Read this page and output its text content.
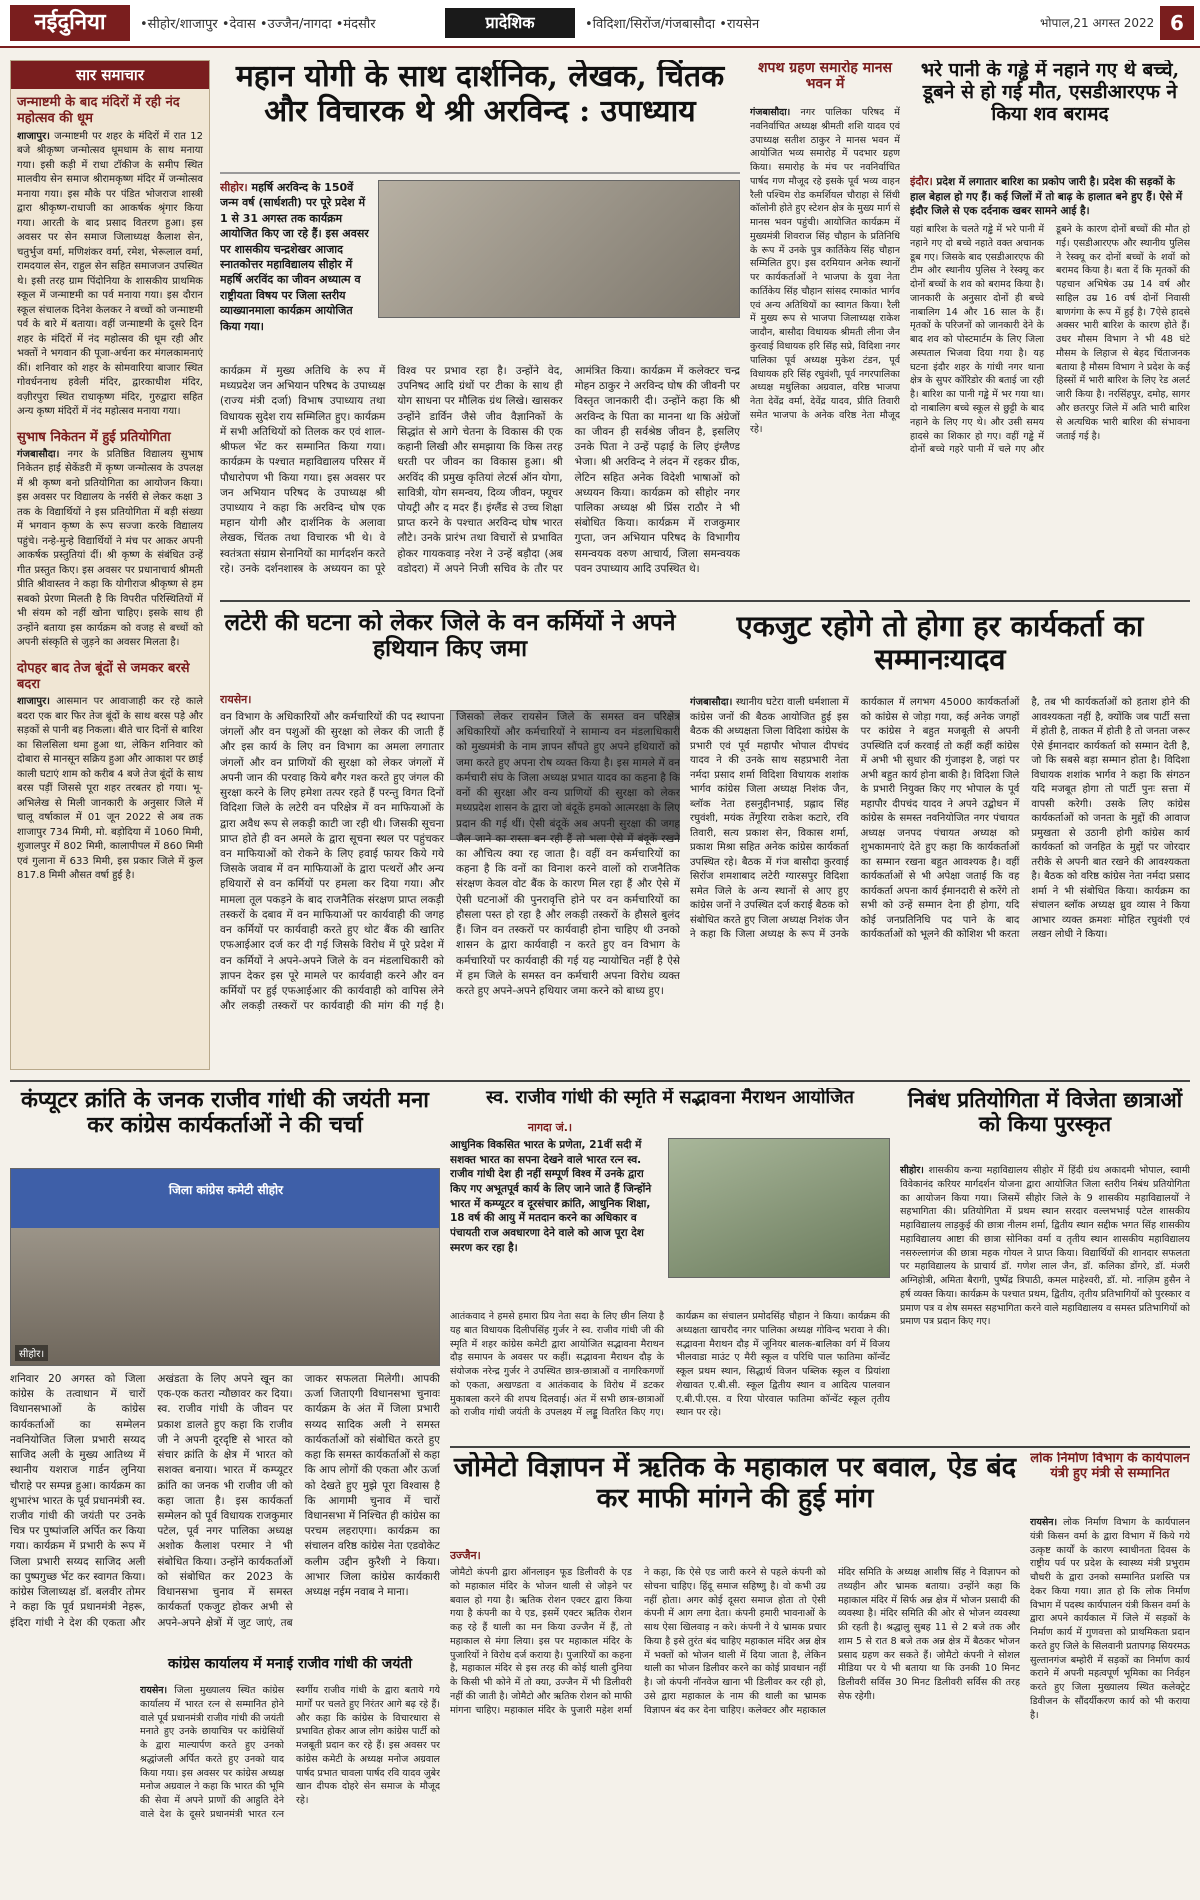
नईदुनिया	•सीहोर/शाजापुर •देवास •उज्जैन/नागदा •मंदसौर	प्रादेशिक	•विदिशा/सिरोंज/गंजबासौदा •रायसेन	भोपाल,21 अगस्त 2022 6
सार समाचार
जन्माष्टमी के बाद मंदिरों में रही नंद महोत्सव की धूम
शाजापुर। जन्माष्टमी पर शहर के मंदिरों में रात 12 बजे श्रीकृष्ण जन्मोत्सव धूमधाम के साथ मनाया गया। इसी कड़ी में राधा टॉकीज के समीप स्थित मालवीय सेन समाज श्रीरामकृष्ण मंदिर में जन्मोत्सव मनाया गया। इस मौके पर पंडित भोजराज शास्त्री द्वारा श्रीकृष्ण-राधाजी का आकर्षक श्रृंगार किया गया। आरती के बाद प्रसाद वितरण हुआ। इस अवसर पर सेन समाज जिलाध्यक्ष कैलाश सेन, चतुर्भुज वर्मा, मणिशंकर वर्मा, रमेश, भेरूलाल वर्मा, रामदयाल सेन, राहुल सेन सहित समाजजन उपस्थित थे। इसी तरह ग्राम पिंदोनिया के शासकीय प्राथमिक स्कूल में जन्माष्टमी का पर्व मनाया गया। इस दौरान स्कूल संचालक दिनेश केलकर ने बच्चों को जन्माष्टमी पर्व के बारे में बताया। वहीं जन्माष्टमी के दूसरे दिन शहर के मंदिरों में नंद महोत्सव की धूम रही और भक्तों ने भगवान की पूजा-अर्चना कर मंगलकामनाएं कीं। शनिवार को शहर के सोमवारिया बाजार स्थित गोवर्धननाथ हवेली मंदिर, द्वारकाधीश मंदिर, वज़ीरपुरा स्थित राधाकृष्ण मंदिर, गुरुद्वारा सहित अन्य कृष्ण मंदिरों में नंद महोत्सव मनाया गया।
सुभाष निकेतन में हुई प्रतियोगिता
गंजबासौदा। नगर के प्रतिष्ठित विद्यालय सुभाष निकेतन हाई सेकेंडरी में कृष्ण जन्मोत्सव के उपलक्ष में श्री कृष्ण बनो प्रतियोगिता का आयोजन किया। इस अवसर पर विद्यालय के नर्सरी से लेकर कक्षा 3 तक के विद्यार्थियों ने इस प्रतियोगिता में बड़ी संख्या में भगवान कृष्ण के रूप सज्जा करके विद्यालय पहुंचे। नन्हे-मुन्हे विद्यार्थियों ने मंच पर आकर अपनी आकर्षक प्रस्तुतियां दीं। श्री कृष्ण के संबंधित उन्हें गीत प्रस्तुत किए। इस अवसर पर प्रधानाचार्य श्रीमती प्रीति श्रीवास्तव ने कहा कि योगीराज श्रीकृष्ण से हम सबको प्रेरणा मिलती है कि विपरीत परिस्थितियों में भी संयम को नहीं खोना चाहिए। इसके साथ ही उन्होंने बताया इस कार्यक्रम को वजह से बच्चों को अपनी संस्कृति से जुड़ने का अवसर मिलता है।
दोपहर बाद तेज बूंदों से जमकर बरसे बदरा
शाजापुर। आसमान पर आवाजाही कर रहे काले बदरा एक बार फिर तेज बूंदों के साथ बरस पड़े और सड़कों से पानी बह निकला। बीते चार दिनों से बारिश का सिलसिला थमा हुआ था, लेकिन शनिवार को दोबारा से मानसून सक्रिय हुआ और आकाश पर छाई काली घटाएं शाम को करीब 4 बजे तेज बूंदों के साथ बरस पड़ीं जिससे पूरा शहर तरबतर हो गया। भू-अभिलेख से मिली जानकारी के अनुसार जिले में चालू वर्षाकाल में 01 जून 2022 से अब तक शाजापुर 734 मिमी, मो. बड़ोदिया में 1060 मिमी, शुजालपुर में 802 मिमी, कालापीपल में 860 मिमी एवं गुलाना में 633 मिमी, इस प्रकार जिले में कुल 817.8 मिमी औसत वर्षा हुई है।
महान योगी के साथ दार्शनिक, लेखक, चिंतक और विचारक थे श्री अरविन्द : उपाध्याय
सीहोर। महर्षि अरविन्द के 150वें जन्म वर्ष (सार्धशती) पर पूरे प्रदेश में 1 से 31 अगस्त तक कार्यक्रम आयोजित किए जा रहे हैं। इस अवसर पर शासकीय चन्द्रशेखर आजाद स्नातकोत्तर महाविद्यालय सीहोर में महर्षि अरविंद का जीवन अध्यात्म व राष्ट्रीयता विषय पर जिला स्तरीय व्याख्यानमाला कार्यक्रम आयोजित किया गया।
कार्यक्रम में मुख्य अतिथि के रुप में मध्यप्रदेश जन अभियान परिषद के उपाध्यक्ष (राज्य मंत्री दर्जा) विभाष उपाध्याय तथा विधायक सुदेश राय सम्मिलित हुए। कार्यक्रम में सभी अतिथियों को तिलक कर एवं शाल-श्रीफल भेंट कर सम्मानित किया गया। कार्यक्रम के पश्चात महाविद्यालय परिसर में पौधारोपण भी किया गया। इस अवसर पर जन अभियान परिषद के उपाध्यक्ष श्री उपाध्याय ने कहा कि अरविन्द घोष एक महान योगी और दार्शनिक के अलावा लेखक, चिंतक तथा विचारक भी थे। वे स्वतंत्रता संग्राम सेनानियों का मार्गदर्शन करते रहे। उनके दर्शनशास्त्र के अध्ययन का पूरे विश्व पर प्रभाव रहा है। उन्होंने वेद, उपनिषद आदि ग्रंथों पर टीका के साथ ही योग साधना पर मौलिक ग्रंथ लिखे। खासकर उन्होंने डार्विन जैसे जीव वैज्ञानिकों के सिद्धांत से आगे चेतना के विकास की एक कहानी लिखी और समझाया कि किस तरह धरती पर जीवन का विकास हुआ। श्री अरविंद की प्रमुख कृतियां लेटर्स ऑन योगा, सावित्री, योग समन्वय, दिव्य जीवन, फ्यूचर पोयट्री और द मदर हैं। इंग्लैंड से उच्च शिक्षा प्राप्त करने के पश्चात अरविन्द घोष भारत लौटे। उनके प्रारंभ तथा विचारों से प्रभावित होकर गायकवाड़ नरेश ने उन्हें बड़ौदा (अब वडोदरा) में अपने निजी सचिव के तौर पर आमंत्रित किया। कार्यक्रम में कलेक्टर चन्द्र मोहन ठाकुर ने अरविन्द घोष की जीवनी पर विस्तृत जानकारी दी। उन्होंने कहा कि श्री अरविन्द के पिता का मानना था कि अंग्रेजों का जीवन ही सर्वश्रेष्ठ जीवन है, इसलिए उनके पिता ने उन्हें पढ़ाई के लिए इंग्लैण्ड भेजा। श्री अरविन्द ने लंदन में रहकर ग्रीक, लेटिन सहित अनेक विदेशी भाषाओं को अध्ययन किया। कार्यक्रम को सीहोर नगर पालिका अध्यक्ष श्री प्रिंस राठौर ने भी संबोधित किया। कार्यक्रम में राजकुमार गुप्ता, जन अभियान परिषद के विभागीय समन्वयक वरुण आचार्य, जिला समन्वयक पवन उपाध्याय आदि उपस्थित थे।
शपथ ग्रहण समारोह मानस भवन में
गंजबासौदा। नगर पालिका परिषद में नवनिर्वाचित अध्यक्ष श्रीमती शशि यादव एवं उपाध्यक्ष सतीश ठाकुर ने मानस भवन में आयोजित भव्य समारोह में पदभार ग्रहण किया। समारोह के मंच पर नवनिर्वाचित पार्षद गण मौजूद रहे इसके पूर्व भव्य वाहन रैली पश्चिम रोड कमर्शियल चौराहा से सिंधी कॉलोनी होते हुए स्टेशन क्षेत्र के मुख्य मार्ग से मानस भवन पहुंची। आयोजित कार्यक्रम में मुख्यमंत्री शिवराज सिंह चौहान के प्रतिनिधि के रूप में उनके पुत्र कार्तिकेय सिंह चौहान सम्मिलित हुए। इस दरमियान अनेक स्थानों पर कार्यकर्ताओं ने भाजपा के युवा नेता कार्तिकेय सिंह चौहान सांसद रमाकांत भार्गव एवं अन्य अतिथियों का स्वागत किया। रैली में मुख्य रूप से भाजपा जिलाध्यक्ष राकेश जादौन, बासौदा विधायक श्रीमती लीना जैन कुरवाई विधायक हरि सिंह सप्रे, विदिशा नगर पालिका पूर्व अध्यक्ष मुकेश टंडन, पूर्व विधायक हरि सिंह रघुवंशी, पूर्व नगरपालिका अध्यक्ष मधुलिका अग्रवाल, वरिष्ठ भाजपा नेता देवेंद्र वर्मा, देवेंद्र यादव, प्रीति तिवारी समेत भाजपा के अनेक वरिष्ठ नेता मौजूद रहे।
भरे पानी के गड्ढे में नहाने गए थे बच्चे, डूबने से हो गई मौत, एसडीआरएफ ने किया शव बरामद
इंदौर। प्रदेश में लगातार बारिश का प्रकोप जारी है। प्रदेश की सड़कों के हाल बेहाल हो गए हैं। कई जिलों में तो बाढ़ के हालात बने हुए हैं। ऐसे में इंदौर जिले से एक दर्दनाक खबर सामने आई है।
यहां बारिश के चलते गड्ढे में भरे पानी में नहाने गए दो बच्चे नहाते वक्त अचानक डूब गए। जिसके बाद एसडीआरएफ की टीम और स्थानीय पुलिस ने रेस्क्यू कर दोनों बच्चों के शव को बरामद किया है। जानकारी के अनुसार दोनों ही बच्चे नाबालिग 14 और 16 साल के हैं। मृतकों के परिजनों को जानकारी देने के बाद शव को पोस्टमार्टम के लिए जिला अस्पताल भिजवा दिया गया है। यह घटना इंदौर शहर के गांधी नगर थाना क्षेत्र के सुपर कॉरिडोर की बताई जा रही है। बारिश का पानी गड्ढे में भर गया था। दो नाबालिग बच्चे स्कूल से छुट्टी के बाद नहाने के लिए गए थे। और उसी समय हादसे का शिकार हो गए। वहीं गड्ढे में दोनों बच्चे गहरे पानी में चले गए और डूबने के कारण दोनों बच्चों की मौत हो गई। एसडीआरएफ और स्थानीय पुलिस ने रेस्क्यू कर दोनों बच्चों के शवों को बरामद किया है। बता दें कि मृतकों की पहचान अभिषेक उम्र 14 वर्ष और साहिल उम्र 16 वर्ष दोनों निवासी बाणगंगा के रूप में हुई है। 7ऐसे हादसे अक्सर भारी बारिश के कारण होते हैं। उधर मौसम विभाग ने भी 48 घंटे मौसम के लिहाज से बेहद चिंताजनक बताया है मौसम विभाग ने प्रदेश के कई हिस्सों में भारी बारिश के लिए रेड अलर्ट जारी किया है। नरसिंहपुर, दमोह, सागर और छतरपुर जिले में अति भारी बारिश से अत्यधिक भारी बारिश की संभावना जताई गई है।
लटेरी की घटना को लेकर जिले के वन कर्मियों ने अपने हथियान किए जमा
रायसेन।
वन विभाग के अधिकारियों और कर्मचारियों की पद स्थापना जंगलों और वन पशुओं की सुरक्षा को लेकर की जाती हैं और इस कार्य के लिए वन विभाग का अमला लगातार जंगलों और वन प्राणियों की सुरक्षा को लेकर जंगलों में अपनी जान की परवाह किये बगैर गश्त करते हुए जंगल की सुरक्षा करने के लिए हमेशा तत्पर रहते हैं परन्तु विगत दिनों विदिशा जिले के लटेरी वन परिक्षेत्र में वन माफियाओं के द्वारा अवैध रूप से लकड़ी काटी जा रही थी। जिसकी सूचना प्राप्त होते ही वन अमले के द्वारा सूचना स्थल पर पहुंचकर वन माफियाओं को रोकने के लिए हवाई फायर किये गये जिसके जवाब में वन माफियाओं के द्वारा पत्थरों और अन्य हथियारों से वन कर्मियों पर हमला कर दिया गया। और मामला तूल पकड़ने के बाद राजनैतिक संरक्षण प्राप्त लकड़ी तस्करों के दबाव में वन माफियाओं पर कार्यवाही की जगह वन कर्मियों पर कार्यवाही करते हुए थोट बैंक की खातिर एफआईआर दर्ज कर दी गई जिसके विरोध में पूरे प्रदेश में वन कर्मियों ने अपने-अपने जिले के वन मंडलाधिकारी को ज्ञापन देकर इस पूरे मामले पर कार्यवाही करने और वन कर्मियों पर हुई एफआईआर की कार्यवाही को वापिस लेने और लकड़ी तस्करों पर कार्यवाही की मांग की गई है। जिसको लेकर रायसेन जिले के समस्त वन परिक्षेत्र अधिकारियों और कर्मचारियों ने सामान्य वन मंडलाधिकारी को मुख्यमंत्री के नाम ज्ञापन सौंपते हुए अपने हथियारों को जमा करते हुए अपना रोष व्यक्त किया है। इस मामले में वन कर्मचारी संघ के जिला अध्यक्ष प्रभात यादव का कहना है कि वनों की सुरक्षा और वन्य प्राणियों की सुरक्षा को लेकर मध्यप्रदेश शासन के द्वारा जो बंदूकें हमको आत्मरक्षा के लिए प्रदान की गई थीं। ऐसी बंदूकें अब अपनी सुरक्षा की जगह जैल जाने का रास्ता बन रही हैं तो भला ऐसे में बंदूकें रखने का औचित्य क्या रह जाता है। वहीं वन कर्मचारियों का कहना है कि वनों का विनाश करने वालों को राजनैतिक संरक्षण केवल वोट बैंक के कारण मिल रहा हैं और ऐसे में ऐसी घटनाओं की पुनरावृत्ति होने पर वन कर्मचारियों का हौसला पस्त हो रहा है और लकड़ी तस्करों के हौसले बुलंद हैं। जिन वन तस्करों पर कार्यवाही होना चाहिए थी उनको शासन के द्वारा कार्यवाही न करते हुए वन विभाग के कर्मचारियों पर कार्यवाही की गई यह न्यायोचित नहीं है ऐसे में हम जिले के समस्त वन कर्मचारी अपना विरोध व्यक्त करते हुए अपने-अपने हथियार जमा करने को बाध्य हुए।
एकजुट रहोगे तो होगा हर कार्यकर्ता का सम्मानःयादव
गंजबासौदा। स्थानीय घटेरा वाली धर्मशाला में कांग्रेस जनों की बैठक आयोजित हुई इस बैठक की अध्यक्षता जिला विदिशा कांग्रेस के प्रभारी एवं पूर्व महापौर भोपाल दीपचंद यादव ने की उनके साथ सहप्रभारी नेता नर्मदा प्रसाद शर्मा विदिशा विधायक शशांक भार्गव कांग्रेस जिला अध्यक्ष निशंक जैन, ब्लॉक नेता हसनुद्दीनभाई, प्रह्लाद सिंह रघुवंशी, मयंक तेंगूरिया राकेश कटारे, रवि तिवारी, सत्य प्रकाश सेन, विकास शर्मा, प्रकाश मिश्रा सहित अनेक कांग्रेस कार्यकर्ता उपस्थित रहे। बैठक में गंज बासौदा कुरवाई सिरोंज शमशाबाद लटेरी ग्यारसपुर विदिशा समेत जिले के अन्य स्थानों से आए हुए कांग्रेस जनों ने उपस्थित दर्ज कराई बैठक को संबोधित करते हुए जिला अध्यक्ष निशंक जैन ने कहा कि जिला अध्यक्ष के रूप में उनके कार्यकाल में लगभग 45000 कार्यकर्ताओं को कांग्रेस से जोड़ा गया, कई अनेक जगहों पर कांग्रेस ने बहुत मजबूती से अपनी उपस्थिति दर्ज करवाई तो कहीं कहीं कांग्रेस में अभी भी सुधार की गुंजाइश है, जहां पर अभी बहुत कार्य होना बाकी है। विदिशा जिले के प्रभारी नियुक्त किए गए भोपाल के पूर्व महापौर दीपचंद यादव ने अपने उद्बोधन में कांग्रेस के समस्त नवनियोजित नगर पंचायत अध्यक्ष जनपद पंचायत अध्यक्ष को शुभकामनाएं देते हुए कहा कि कार्यकर्ताओं का सम्मान रखना बहुत आवश्यक है। वहीं कार्यकर्ताओं से भी अपेक्षा जताई कि वह कार्यकर्ता अपना कार्य ईमानदारी से करेंगे तो सभी को उन्हें सम्मान देना ही होगा, यदि कोई जनप्रतिनिधि पद पाने के बाद कार्यकर्ताओं को भूलने की कोशिश भी करता है, तब भी कार्यकर्ताओं को हताश होने की आवश्यकता नहीं है, क्योंकि जब पार्टी सत्ता में होती है, ताकत में होती है तो जनता जरूर ऐसे ईमानदार कार्यकर्ता को सम्मान देती है, जो कि सबसे बड़ा सम्मान होता है। विदिशा विधायक शशांक भार्गव ने कहा कि संगठन यदि मजबूत होगा तो पार्टी पुनः सत्ता में वापसी करेगी। उसके लिए कांग्रेस कार्यकर्ताओं को जनता के मुद्दों की आवाज प्रमुखता से उठानी होगी कांग्रेस कार्य कार्यकर्ता को जनहित के मुद्दों पर जोरदार तरीके से अपनी बात रखने की आवश्यकता है। बैठक को वरिष्ठ कांग्रेस नेता नर्मदा प्रसाद शर्मा ने भी संबोधित किया। कार्यक्रम का संचालन ब्लॉक अध्यक्ष ध्रुव व्यास ने किया आभार व्यक्त क्रमशः मोहित रघुवंशी एवं लखन लोधी ने किया।
कंप्यूटर क्रांति के जनक राजीव गांधी की जयंती मना कर कांग्रेस कार्यकर्ताओं ने की चर्चा
जिला कांग्रेस कमेटी सीहोर
सीहोर।
शनिवार 20 अगस्त को जिला कांग्रेस के तत्वाधान में चारों विधानसभाओं के कांग्रेस कार्यकर्ताओं का सम्मेलन नवनियोजित जिला प्रभारी सय्यद साजिद अली के मुख्य आतिथ्य में स्थानीय यशराज गार्डन लुनिया चौराहे पर सम्पन्न हुआ। कार्यक्रम का शुभारंभ भारत के पूर्व प्रधानमंत्री स्व. राजीव गांधी की जयंती पर उनके चित्र पर पुष्पांजलि अर्पित कर किया गया। कार्यक्रम में प्रभारी के रूप में जिला प्रभारी सय्यद साजिद अली का पुष्पगुच्छ भेंट कर स्वागत किया। कांग्रेस जिलाध्यक्ष डॉ. बलवीर तोमर ने कहा कि पूर्व प्रधानमंत्री नेहरू, इंदिरा गांधी ने देश की एकता और अखंडता के लिए अपने खून का एक-एक कतरा न्यौछावर कर दिया। स्व. राजीव गांधी के जीवन पर प्रकाश डालते हुए कहा कि राजीव जी ने अपनी दूरदृष्टि से भारत को संचार क्रांति के क्षेत्र में भारत को सशक्त बनाया। भारत में कम्प्यूटर क्रांति का जनक भी राजीव जी को कहा जाता है। इस कार्यकर्ता सम्मेलन को पूर्व विधायक राजकुमार पटेल, पूर्व नगर पालिका अध्यक्ष अशोक कैलाश परमार ने भी संबोधित किया। उन्होंने कार्यकर्ताओं को संबोधित कर 2023 के विधानसभा चुनाव में समस्त कार्यकर्ता एकजुट होकर अभी से अपने-अपने क्षेत्रों में जुट जाएं, तब जाकर सफलता मिलेगी। आपकी ऊर्जा जिताएगी विधानसभा चुनावः कार्यक्रम के अंत में जिला प्रभारी सय्यद सादिक अली ने समस्त कार्यकर्ताओं को संबोधित करते हुए कहा कि समस्त कार्यकर्ताओं से कहा कि आप लोगों की एकता और ऊर्जा को देखते हुए मुझे पूरा विश्वास है कि आगामी चुनाव में चारों विधानसभा में निश्चित ही कांग्रेस का परचम लहराएगा। कार्यक्रम का संचालन वरिष्ठ कांग्रेस नेता एडवोकेट कलीम उद्दीन कुरैशी ने किया। आभार जिला कांग्रेस कार्यकारी अध्यक्ष नईम नवाब ने माना।
कांग्रेस कार्यालय में मनाई राजीव गांधी की जयंती
रायसेन। जिला मुख्यालय स्थित कांग्रेस कार्यालय में भारत रत्न से सम्मानित होने वाले पूर्व प्रधानमंत्री राजीव गांधी की जयंती मनाते हुए उनके छायाचित्र पर कांग्रेसियों के द्वारा माल्यार्पण करते हुए उनको श्रद्धांजली अर्पित करते हुए उनको याद किया गया। इस अवसर पर कांग्रेस अध्यक्ष मनोज अग्रवाल ने कहा कि भारत की भूमि की सेवा में अपने प्राणों की आहुति देने वाले देश के दूसरे प्रधानमंत्री भारत रत्न स्वर्गीय राजीव गांधी के द्वारा बताये गये मार्गों पर चलते हुए निरंतर आगे बढ़ रहे हैं। और कहा कि कांग्रेस के विचारधारा से प्रभावित होकर आज लोग कांग्रेस पार्टी को मजबूती प्रदान कर रहे हैं। इस अवसर पर कांग्रेस कमेटी के अध्यक्ष मनोज अग्रवाल पार्षद प्रभात चावला पार्षद रवि यादव जुबेर खान दीपक दोहरे सेन समाज के मौजूद रहे।
स्व. राजीव गांधी की स्मृति में सद्भावना मैराथन आयोजित
नागदा जं.।
आधुनिक विकसित भारत के प्रणेता, 21वीं सदी में सशक्त भारत का सपना देखने वाले भारत रत्न स्व. राजीव गांधी देश ही नहीं सम्पूर्ण विश्व में उनके द्वारा किए गए अभूतपूर्व कार्य के लिए जाने जाते हैं जिन्होंने भारत में कम्प्यूटर व दूरसंचार क्रांति, आधुनिक शिक्षा, 18 वर्ष की आयु में मतदान करने का अधिकार व पंचायती राज अवधारणा देने वाले को आज पूरा देश स्मरण कर रहा है।
आतंकवाद ने हमसे हमारा प्रिय नेता सदा के लिए छीन लिया है यह बात विधायक दिलीपसिंह गुर्जर ने स्व. राजीव गांधी जी की स्मृति में शहर कांग्रेस कमेटी द्वारा आयोजित सद्भावना मैराथन दौड़ समापन के अवसर पर कहीं। सद्भावना मैराथन दौड़ के संयोजक नरेन्द्र गुर्जर ने उपस्थित छात्र-छात्राओं व नागरिकगणों को एकता, अखण्डता व आतंकवाद के विरोध में डटकर मुकाबला करने की शपथ दिलवाई। अंत में सभी छात्र-छात्राओं को राजीव गांधी जयंती के उपलक्ष्य में लड्डू वितरित किए गए। कार्यक्रम का संचालन प्रमोदसिंह चौहान ने किया। कार्यक्रम की अध्यक्षता खाचरौद नगर पालिका अध्यक्ष गोविन्द भरावा ने की। सद्भावना मैराथन दौड़ में जूनियर बालक-बालिका वर्ग में विजय भीलवाडा माउंट ए मैरी स्कूल व परिधि पाल फातिमा कॉन्वेंट स्कूल प्रथम स्थान, सिद्धार्थ विजन पब्लिक स्कूल व प्रियांशा शेखावत ए.बी.सी. स्कूल द्वितीय स्थान व आदित्य पालवान ए.बी.पी.एस. व रिया पोरवाल फातिमा कॉन्वेंट स्कूल तृतीय स्थान पर रहे।
निबंध प्रतियोगिता में विजेता छात्राओं को किया पुरस्कृत
सीहोर। शासकीय कन्या महाविद्यालय सीहोर में हिंदी ग्रंथ अकादमी भोपाल, स्वामी विवेकानंद करियर मार्गदर्शन योजना द्वारा आयोजित जिला स्तरीय निबंध प्रतियोगिता का आयोजन किया गया। जिसमें सीहोर जिले के 9 शासकीय महाविद्यालयों ने सहभागिता की। प्रतियोगिता में प्रथम स्थान सरदार वल्लभभाई पटेल शासकीय महाविद्यालय लाड़कुई की छात्रा नीलम शर्मा, द्वितीय स्थान सद्दीक भगत सिंह शासकीय महाविद्यालय आष्टा की छात्रा सोनिका वर्मा व तृतीय स्थान शासकीय महाविद्यालय नसरुल्लागंज की छात्रा महक गोयल ने प्राप्त किया। विद्यार्थियों की शानदार सफलता पर महाविद्यालय के प्राचार्य डॉ. गणेश लाल जैन, डॉ. कलिका डोंगरे, डॉ. मंजरी अग्निहोत्री, अमिता बैरागी, पुष्पेंद्र त्रिपाठी, कमल माहेश्वरी, डॉ. मो. नाज़िम हुसैन ने हर्ष व्यक्त किया। कार्यक्रम के पश्चात प्रथम, द्वितीय, तृतीय प्रतिभागियों को पुरस्कार व प्रमाण पत्र व शेष समस्त सहभागिता करने वाले महाविद्यालय व समस्त प्रतिभागियों को प्रमाण पत्र प्रदान किए गए।
जोमेटो विज्ञापन में ऋतिक के महाकाल पर बवाल, ऐड बंद कर माफी मांगने की हुई मांग
उज्जैन।
जोमैटो कंपनी द्वारा ऑनलाइन फूड डिलीवरी के एड को महाकाल मंदिर के भोजन थाली से जोड़ने पर बवाल हो गया है। ऋतिक रोशन एक्टर द्वारा किया गया है कंपनी का ये एड, इसमें एक्टर ऋतिक रोशन कह रहे हैं थाली का मन किया उज्जैन में हैं, तो महाकाल से मंगा लिया। इस पर महाकाल मंदिर के पुजारियों ने विरोध दर्ज कराया है। पुजारियों का कहना है, महाकाल मंदिर से इस तरह की कोई थाली दुनिया के किसी भी कोने में तो क्या, उज्जैन में भी डिलीवरी नहीं की जाती है। जोमैटो और ऋतिक रोशन को माफी मांगना चाहिए। महाकाल मंदिर के पुजारी महेश शर्मा ने कहा, कि ऐसे एड जारी करने से पहले कंपनी को सोचना चाहिए। हिंदू समाज सहिष्णु है। वो कभी उग्र नहीं होता। अगर कोई दूसरा समाज होता तो ऐसी कंपनी में आग लगा देता। कंपनी हमारी भावनाओं के साथ ऐसा खिलवाड़ न करे। कंपनी ने ये भ्रामक प्रचार किया है इसे तुरंत बंद चाहिए महाकाल मंदिर अन्न क्षेत्र में भक्तों को भोजन थाली में दिया जाता है, लेकिन थाली का भोजन डिलीवर करने का कोई प्रावधान नहीं है। जो कंपनी नॉनवेज खाना भी डिलीवर कर रही हो, उसे द्वारा महाकाल के नाम की थाली का भ्रामक विज्ञापन बंद कर देना चाहिए। कलेक्टर और महाकाल मंदिर समिति के अध्यक्ष आशीष सिंह ने विज्ञापन को तथ्यहीन और भ्रामक बताया। उन्होंने कहा कि महाकाल मंदिर में सिर्फ अन्न क्षेत्र में भोजन प्रसादी की व्यवस्था है। मंदिर समिति की ओर से भोजन व्यवस्था फ्री रहती है। श्रद्धालु सुबह 11 से 2 बजे तक और शाम 5 से रात 8 बजे तक अन्न क्षेत्र में बैठकर भोजन प्रसाद ग्रहण कर सकते हैं। जोमैटो कंपनी ने सोशल मीडिया पर ये भी बताया था कि उनकी 10 मिनट डिलीवरी सर्विस 30 मिनट डिलीवरी सर्विस की तरह सेफ रहेगी।
लोक निर्माण विभाग के कार्यपालन यंत्री हुए मंत्री से सम्मानित
रायसेन। लोक निर्माण विभाग के कार्यपालन यंत्री किसन वर्मा के द्वारा विभाग में किये गये उत्कृष्ट कार्यों के कारण स्वाधीनता दिवस के राष्ट्रीय पर्व पर प्रदेश के स्वास्थ्य मंत्री प्रभुराम चौधरी के द्वारा उनको सम्मानित प्रशस्ति पत्र देकर किया गया। ज्ञात हो कि लोक निर्माण विभाग में पदस्थ कार्यपालन यंत्री किसन वर्मा के द्वारा अपने कार्यकाल में जिले में सड़कों के निर्माण कार्य में गुणवत्ता को प्राथमिकता प्रदान करते हुए जिले के सिलवानी प्रतापगढ़ सियरमऊ सुल्तानगंज बम्होरी में सड़कों का निर्माण कार्य कराने में अपनी महत्वपूर्ण भूमिका का निर्वहन करते हुए जिला मुख्यालय स्थित कलेक्ट्रेट डिवीजन के सौंदर्यीकरण कार्य को भी कराया है।
